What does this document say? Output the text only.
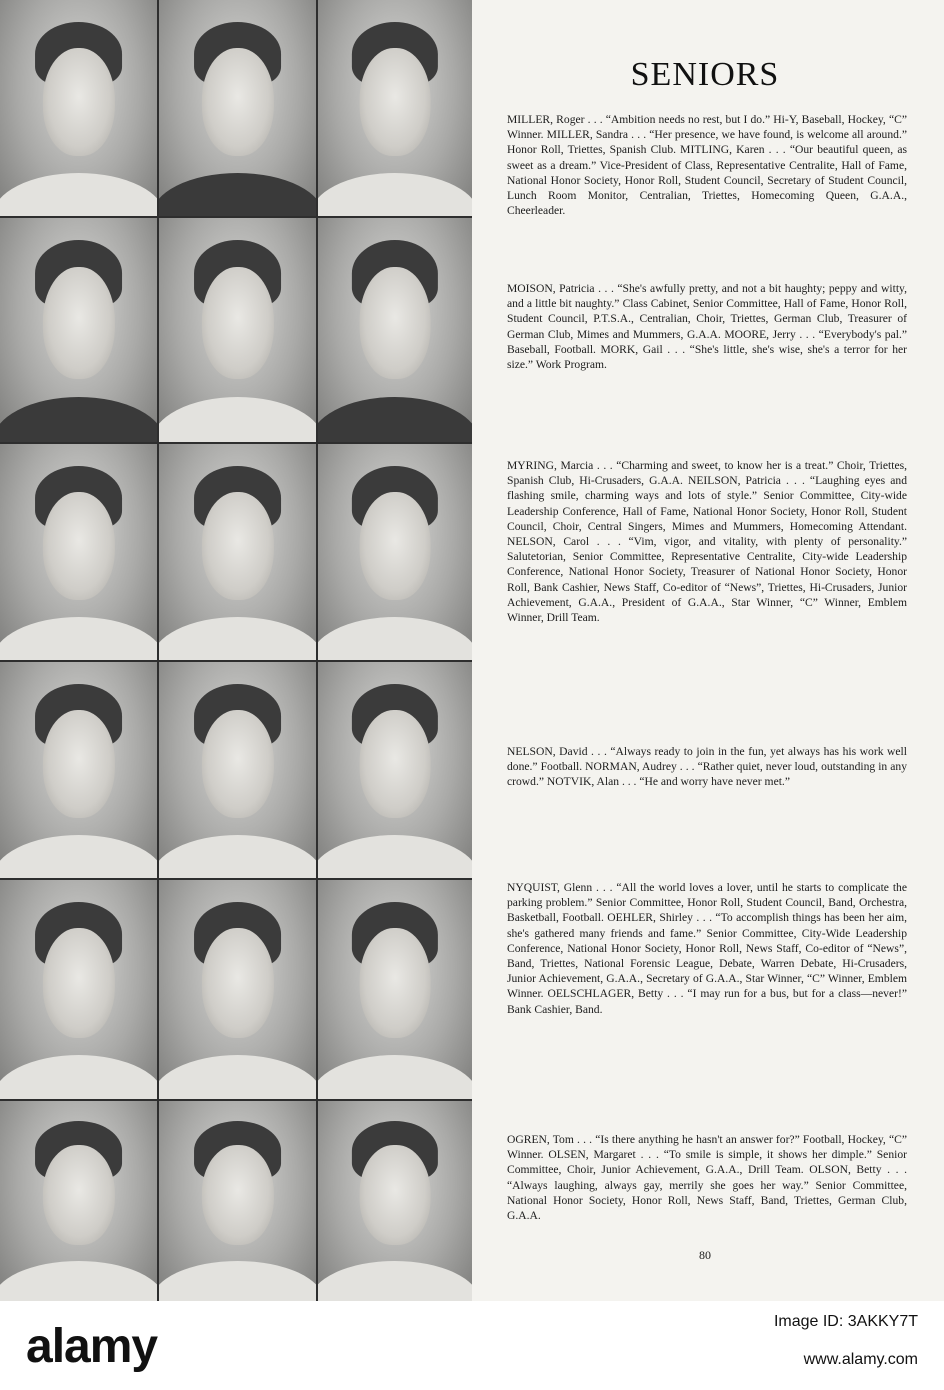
SENIORS
MILLER, Roger . . . “Ambition needs no rest, but I do.” Hi-Y, Baseball, Hockey, “C” Winner. MILLER, Sandra . . . “Her presence, we have found, is welcome all around.” Honor Roll, Triettes, Spanish Club. MITLING, Karen . . . “Our beautiful queen, as sweet as a dream.” Vice-President of Class, Representative Centralite, Hall of Fame, National Honor Society, Honor Roll, Student Council, Secretary of Student Council, Lunch Room Monitor, Centralian, Triettes, Homecoming Queen, G.A.A., Cheerleader.
MOISON, Patricia . . . “She's awfully pretty, and not a bit haughty; peppy and witty, and a little bit naughty.” Class Cabinet, Senior Committee, Hall of Fame, Honor Roll, Student Council, P.T.S.A., Centralian, Choir, Triettes, German Club, Treasurer of German Club, Mimes and Mummers, G.A.A. MOORE, Jerry . . . “Everybody's pal.” Baseball, Football. MORK, Gail . . . “She's little, she's wise, she's a terror for her size.” Work Program.
MYRING, Marcia . . . “Charming and sweet, to know her is a treat.” Choir, Triettes, Spanish Club, Hi-Crusaders, G.A.A. NEILSON, Patricia . . . “Laughing eyes and flashing smile, charming ways and lots of style.” Senior Committee, City-wide Leadership Conference, Hall of Fame, National Honor Society, Honor Roll, Student Council, Choir, Central Singers, Mimes and Mummers, Homecoming Attendant. NELSON, Carol . . . “Vim, vigor, and vitality, with plenty of personality.” Salutetorian, Senior Committee, Representative Centralite, City-wide Leadership Conference, National Honor Society, Treasurer of National Honor Society, Honor Roll, Bank Cashier, News Staff, Co-editor of “News”, Triettes, Hi-Crusaders, Junior Achievement, G.A.A., President of G.A.A., Star Winner, “C” Winner, Emblem Winner, Drill Team.
NELSON, David . . . “Always ready to join in the fun, yet always has his work well done.” Football. NORMAN, Audrey . . . “Rather quiet, never loud, outstanding in any crowd.” NOTVIK, Alan . . . “He and worry have never met.”
NYQUIST, Glenn . . . “All the world loves a lover, until he starts to complicate the parking problem.” Senior Committee, Honor Roll, Student Council, Band, Orchestra, Basketball, Football. OEHLER, Shirley . . . “To accomplish things has been her aim, she's gathered many friends and fame.” Senior Committee, City-Wide Leadership Conference, National Honor Society, Honor Roll, News Staff, Co-editor of “News”, Band, Triettes, National Forensic League, Debate, Warren Debate, Hi-Crusaders, Junior Achievement, G.A.A., Secretary of G.A.A., Star Winner, “C” Winner, Emblem Winner. OELSCHLAGER, Betty . . . “I may run for a bus, but for a class—never!” Bank Cashier, Band.
OGREN, Tom . . . “Is there anything he hasn't an answer for?” Football, Hockey, “C” Winner. OLSEN, Margaret . . . “To smile is simple, it shows her dimple.” Senior Committee, Choir, Junior Achievement, G.A.A., Drill Team. OLSON, Betty . . . “Always laughing, always gay, merrily she goes her way.” Senior Committee, National Honor Society, Honor Roll, News Staff, Band, Triettes, German Club, G.A.A.
80
alamy	Image ID: 3AKKY7T
www.alamy.com
